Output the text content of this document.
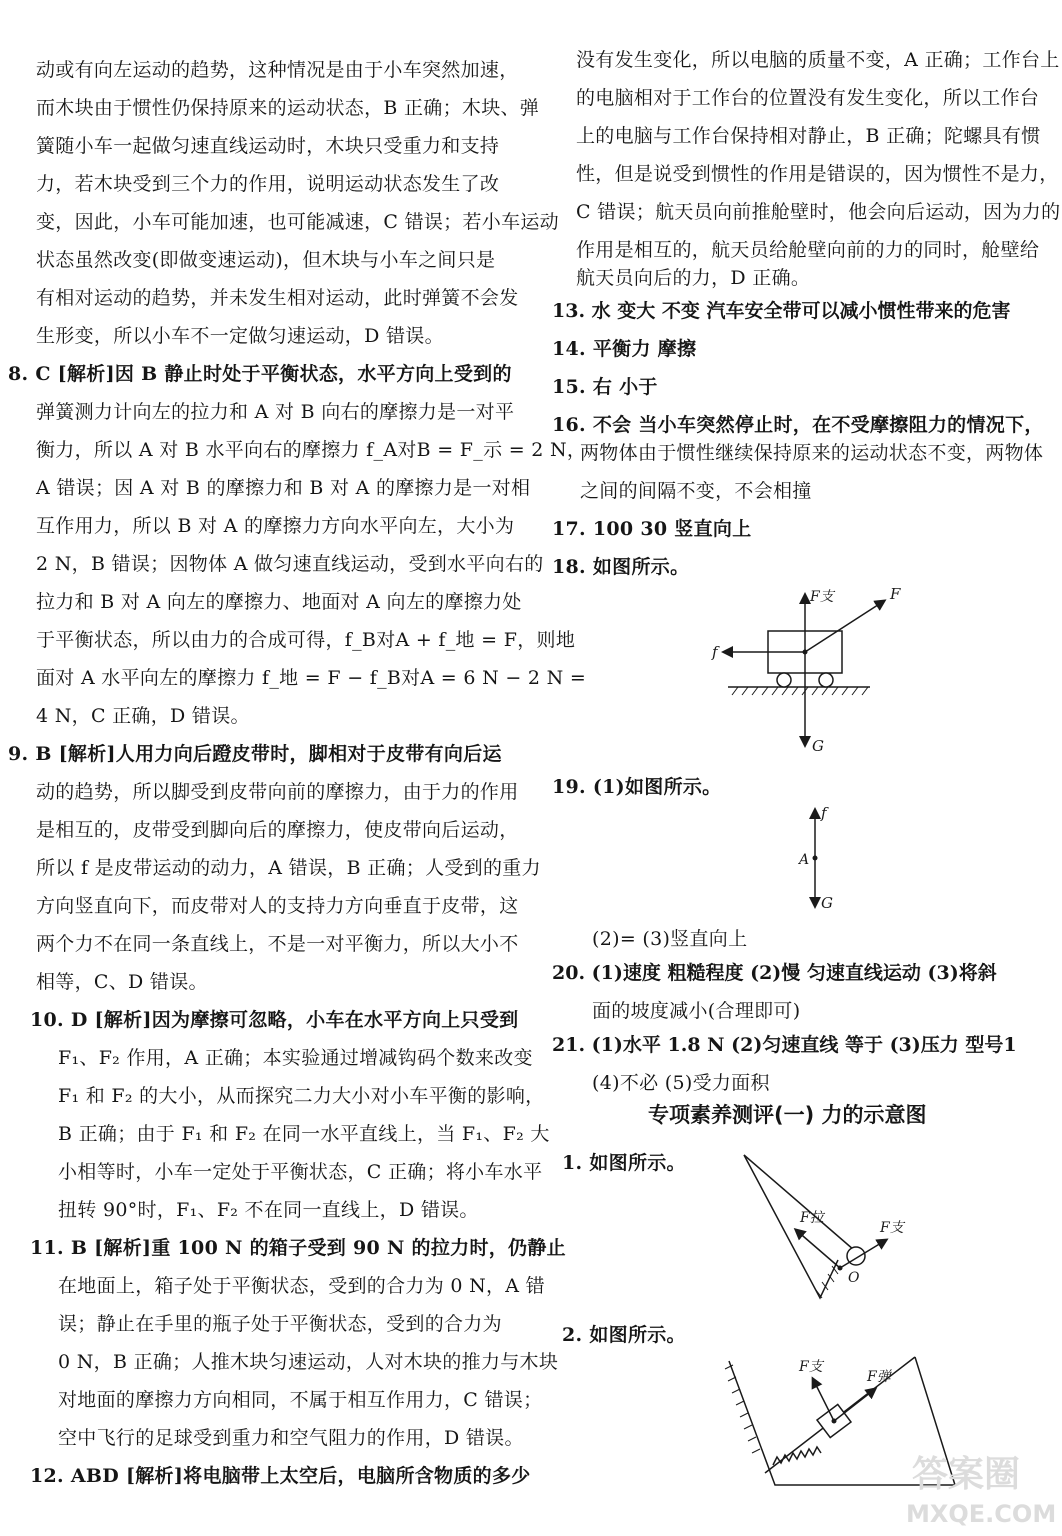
动或有向左运动的趋势，这种情况是由于小车突然加速，
而木块由于惯性仍保持原来的运动状态，B 正确；木块、弹
簧随小车一起做匀速直线运动时，木块只受重力和支持
力，若木块受到三个力的作用，说明运动状态发生了改
变，因此，小车可能加速，也可能减速，C 错误；若小车运动
状态虽然改变(即做变速运动)，但木块与小车之间只是
有相对运动的趋势，并未发生相对运动，此时弹簧不会发
生形变，所以小车不一定做匀速运动，D 错误。
8. C [解析]因 B 静止时处于平衡状态，水平方向上受到的
弹簧测力计向左的拉力和 A 对 B 向右的摩擦力是一对平
衡力，所以 A 对 B 水平向右的摩擦力 f_A对B = F_示 = 2 N，
A 错误；因 A 对 B 的摩擦力和 B 对 A 的摩擦力是一对相
互作用力，所以 B 对 A 的摩擦力方向水平向左，大小为
2 N，B 错误；因物体 A 做匀速直线运动，受到水平向右的
拉力和 B 对 A 向左的摩擦力、地面对 A 向左的摩擦力处
于平衡状态，所以由力的合成可得，f_B对A + f_地 = F，则地
面对 A 水平向左的摩擦力 f_地 = F − f_B对A = 6 N − 2 N =
4 N，C 正确，D 错误。
9. B [解析]人用力向后蹬皮带时，脚相对于皮带有向后运
动的趋势，所以脚受到皮带向前的摩擦力，由于力的作用
是相互的，皮带受到脚向后的摩擦力，使皮带向后运动，
所以 f 是皮带运动的动力，A 错误，B 正确；人受到的重力
方向竖直向下，而皮带对人的支持力方向垂直于皮带，这
两个力不在同一条直线上，不是一对平衡力，所以大小不
相等，C、D 错误。
10. D [解析]因为摩擦可忽略，小车在水平方向上只受到
F₁、F₂ 作用，A 正确；本实验通过增减钩码个数来改变
F₁ 和 F₂ 的大小，从而探究二力大小对小车平衡的影响，
B 正确；由于 F₁ 和 F₂ 在同一水平直线上，当 F₁、F₂ 大
小相等时，小车一定处于平衡状态，C 正确；将小车水平
扭转 90°时，F₁、F₂ 不在同一直线上，D 错误。
11. B [解析]重 100 N 的箱子受到 90 N 的拉力时，仍静止
在地面上，箱子处于平衡状态，受到的合力为 0 N，A 错
误；静止在手里的瓶子处于平衡状态，受到的合力为
0 N，B 正确；人推木块匀速运动，人对木块的推力与木块
对地面的摩擦力方向相同，不属于相互作用力，C 错误；
空中飞行的足球受到重力和空气阻力的作用，D 错误。
12. ABD [解析]将电脑带上太空后，电脑所含物质的多少
没有发生变化，所以电脑的质量不变，A 正确；工作台上
的电脑相对于工作台的位置没有发生变化，所以工作台
上的电脑与工作台保持相对静止，B 正确；陀螺具有惯
性，但是说受到惯性的作用是错误的，因为惯性不是力，
C 错误；航天员向前推舱壁时，他会向后运动，因为力的
作用是相互的，航天员给舱壁向前的力的同时，舱壁给
航天员向后的力，D 正确。
13. 水 变大 不变 汽车安全带可以减小惯性带来的危害
14. 平衡力 摩擦
15. 右 小于
16. 不会 当小车突然停止时，在不受摩擦阻力的情况下，
两物体由于惯性继续保持原来的运动状态不变，两物体
之间的间隔不变，不会相撞
17. 100 30 竖直向上
18. 如图所示。
19. (1)如图所示。
(2)= (3)竖直向上
20. (1)速度 粗糙程度 (2)慢 匀速直线运动 (3)将斜
面的坡度减小(合理即可)
21. (1)水平 1.8 N (2)匀速直线 等于 (3)压力 型号1
(4)不必 (5)受力面积
专项素养测评(一) 力的示意图
1. 如图所示。
2. 如图所示。
F支	F
f
G
f
A
G
F拉
F支
O
F支
F弹
答案圈
MXQE.COM
